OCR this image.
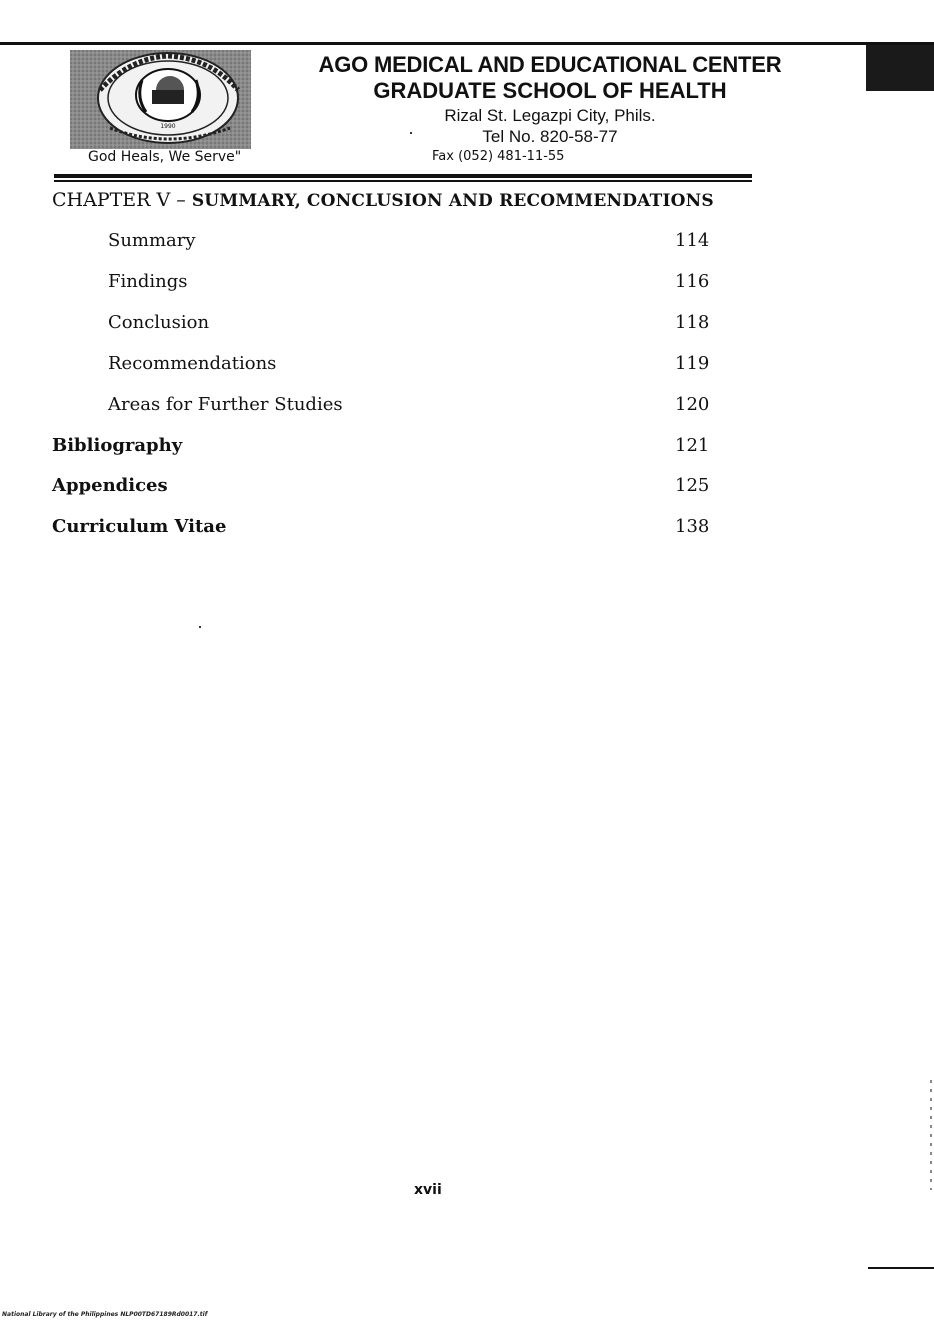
1990
God Heals, We Serve"
AGO MEDICAL AND EDUCATIONAL CENTER
GRADUATE SCHOOL OF HEALTH
Rizal St. Legazpi City, Phils.
Tel No. 820-58-77
Fax (052) 481-11-55
CHAPTER V – SUMMARY, CONCLUSION AND RECOMMENDATIONS
Summary	114
Findings	116
Conclusion	118
Recommendations	119
Areas for Further Studies	120
Bibliography	121
Appendices	125
Curriculum Vitae	138
xvii
National Library of the Philippines NLP00TD67189Rd0017.tif
